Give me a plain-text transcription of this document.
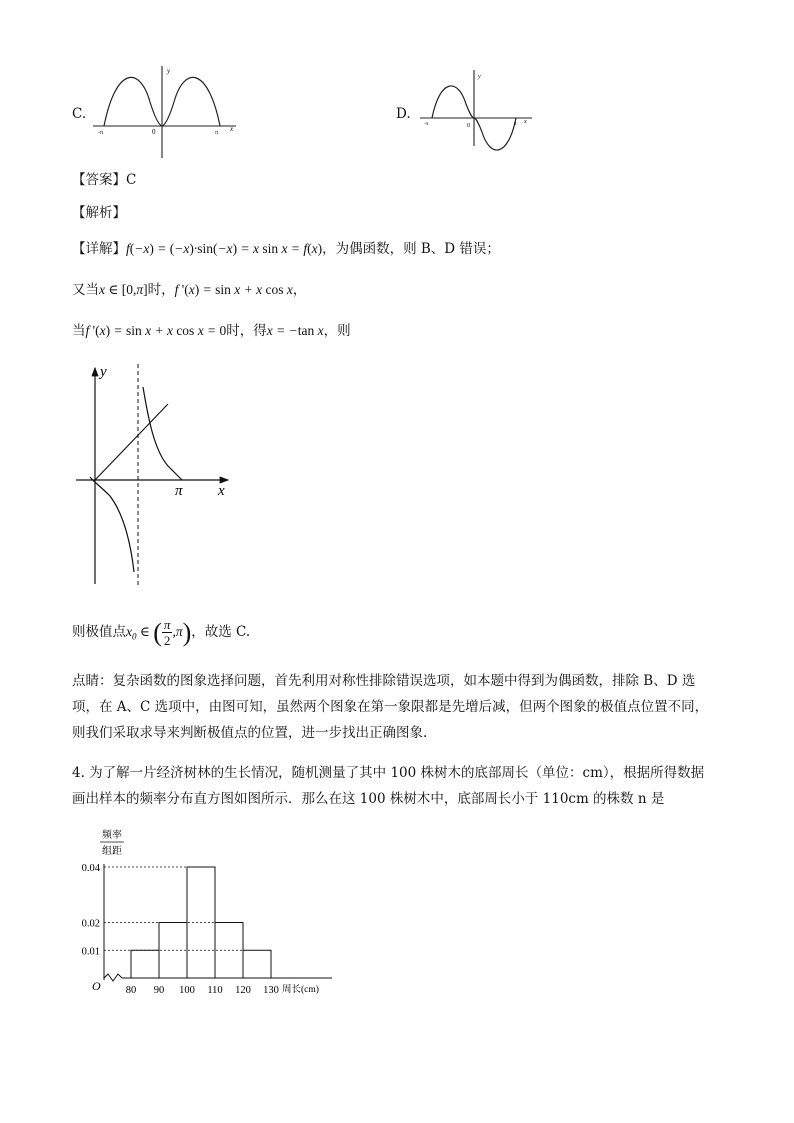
C.
y
x
-π	0	π
D.
y
x
-π	0	π
【答案】C
【解析】
【详解】f(−x) = (−x)·sin(−x) = x sin x = f(x)，为偶函数，则 B、D 错误；
又当x ∈ [0,π]时，f '(x) = sin x + x cos x，
当f '(x) = sin x + x cos x = 0时，得x = −tan x，则
y
x
π
则极值点$x_0$ ∈ ( $\frac{\pi}{2} ,\pi$)，故选 C.
点睛：复杂函数的图象选择问题，首先利用对称性排除错误选项，如本题中得到为偶函数，排除 B、D 选项，在 A、C 选项中，由图可知，虽然两个图象在第一象限都是先增后减，但两个图象的极值点位置不同，则我们采取求导来判断极值点的位置，进一步找出正确图象.
4. 为了解一片经济树林的生长情况，随机测量了其中 100 株树木的底部周长（单位：cm），根据所得数据画出样本的频率分布直方图如图所示．那么在这 100 株树木中，底部周长小于 110cm 的株数 n 是
频率
组距
0.04
0.02
0.01
80 90 100 110 120 130 周长(cm)
O
